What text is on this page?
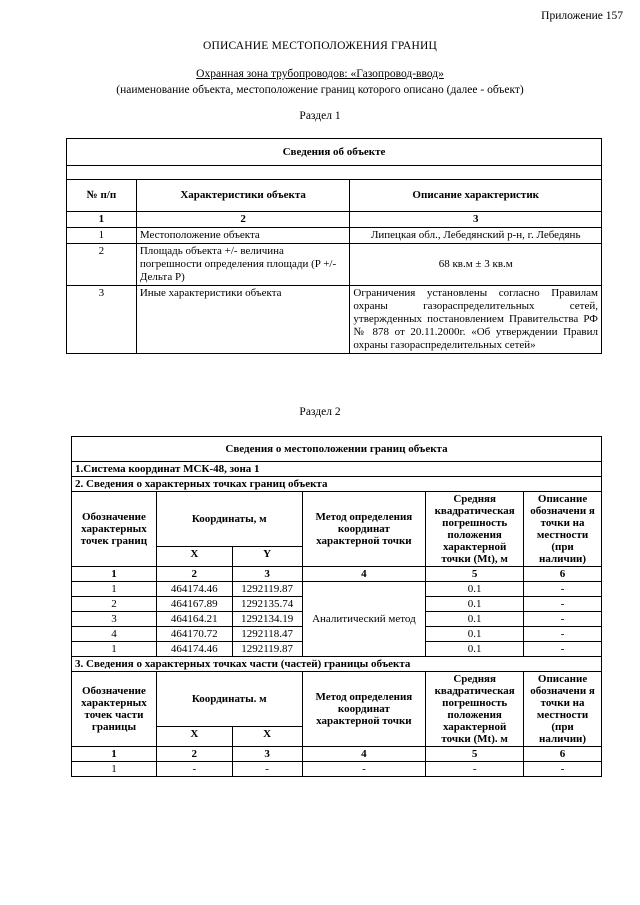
Приложение 157
ОПИСАНИЕ МЕСТОПОЛОЖЕНИЯ ГРАНИЦ
Охранная зона трубопроводов: «Газопровод-ввод»
(наименование объекта, местоположение границ которого описано (далее - объект)
Раздел 1
Сведения об объекте		

№ п/п	Характеристики объекта	Описание характеристик
1	2	3
1	Местоположение объекта	Липецкая обл., Лебедянский р-н, г. Лебедянь
2	Площадь объекта +/- величина погрешности определения площади (P +/- Дельта P)	68 кв.м ± 3 кв.м
3	Иные характеристики объекта	Ограничения установлены согласно Правилам охраны газораспределительных сетей, утвержденных постановлением Правительства РФ № 878 от 20.11.2000г. «Об утверждении Правил охраны газораспределительных сетей»
Раздел 2
Сведения о местоположении границ объекта					
1.Система координат МСК-48, зона 1					
2. Сведения о характерных точках границ объекта					
Обозначение характерных точек границ	Координаты, м		Метод определения координат характерной точки	Средняя квадратическая погрешность положения характерной точки (Mt), м	Описание обозначени я точки на местности (при наличии)
	X	Y			
1	2	3	4	5	6
1	464174.46	1292119.87	Аналитический метод	0.1	-
2	464167.89	1292135.74		0.1	-
3	464164.21	1292134.19		0.1	-
4	464170.72	1292118.47		0.1	-
1	464174.46	1292119.87		0.1	-
3. Сведения о характерных точках части (частей) границы объекта					
Обозначение характерных точек части границы	Координаты. м		Метод определения координат характерной точки	Средняя квадратическая погрешность положения характерной точки (Mt). м	Описание обозначени я точки на местности (при наличии)
	X	X			
1	2	3	4	5	6
1	-	-	-	-	-
